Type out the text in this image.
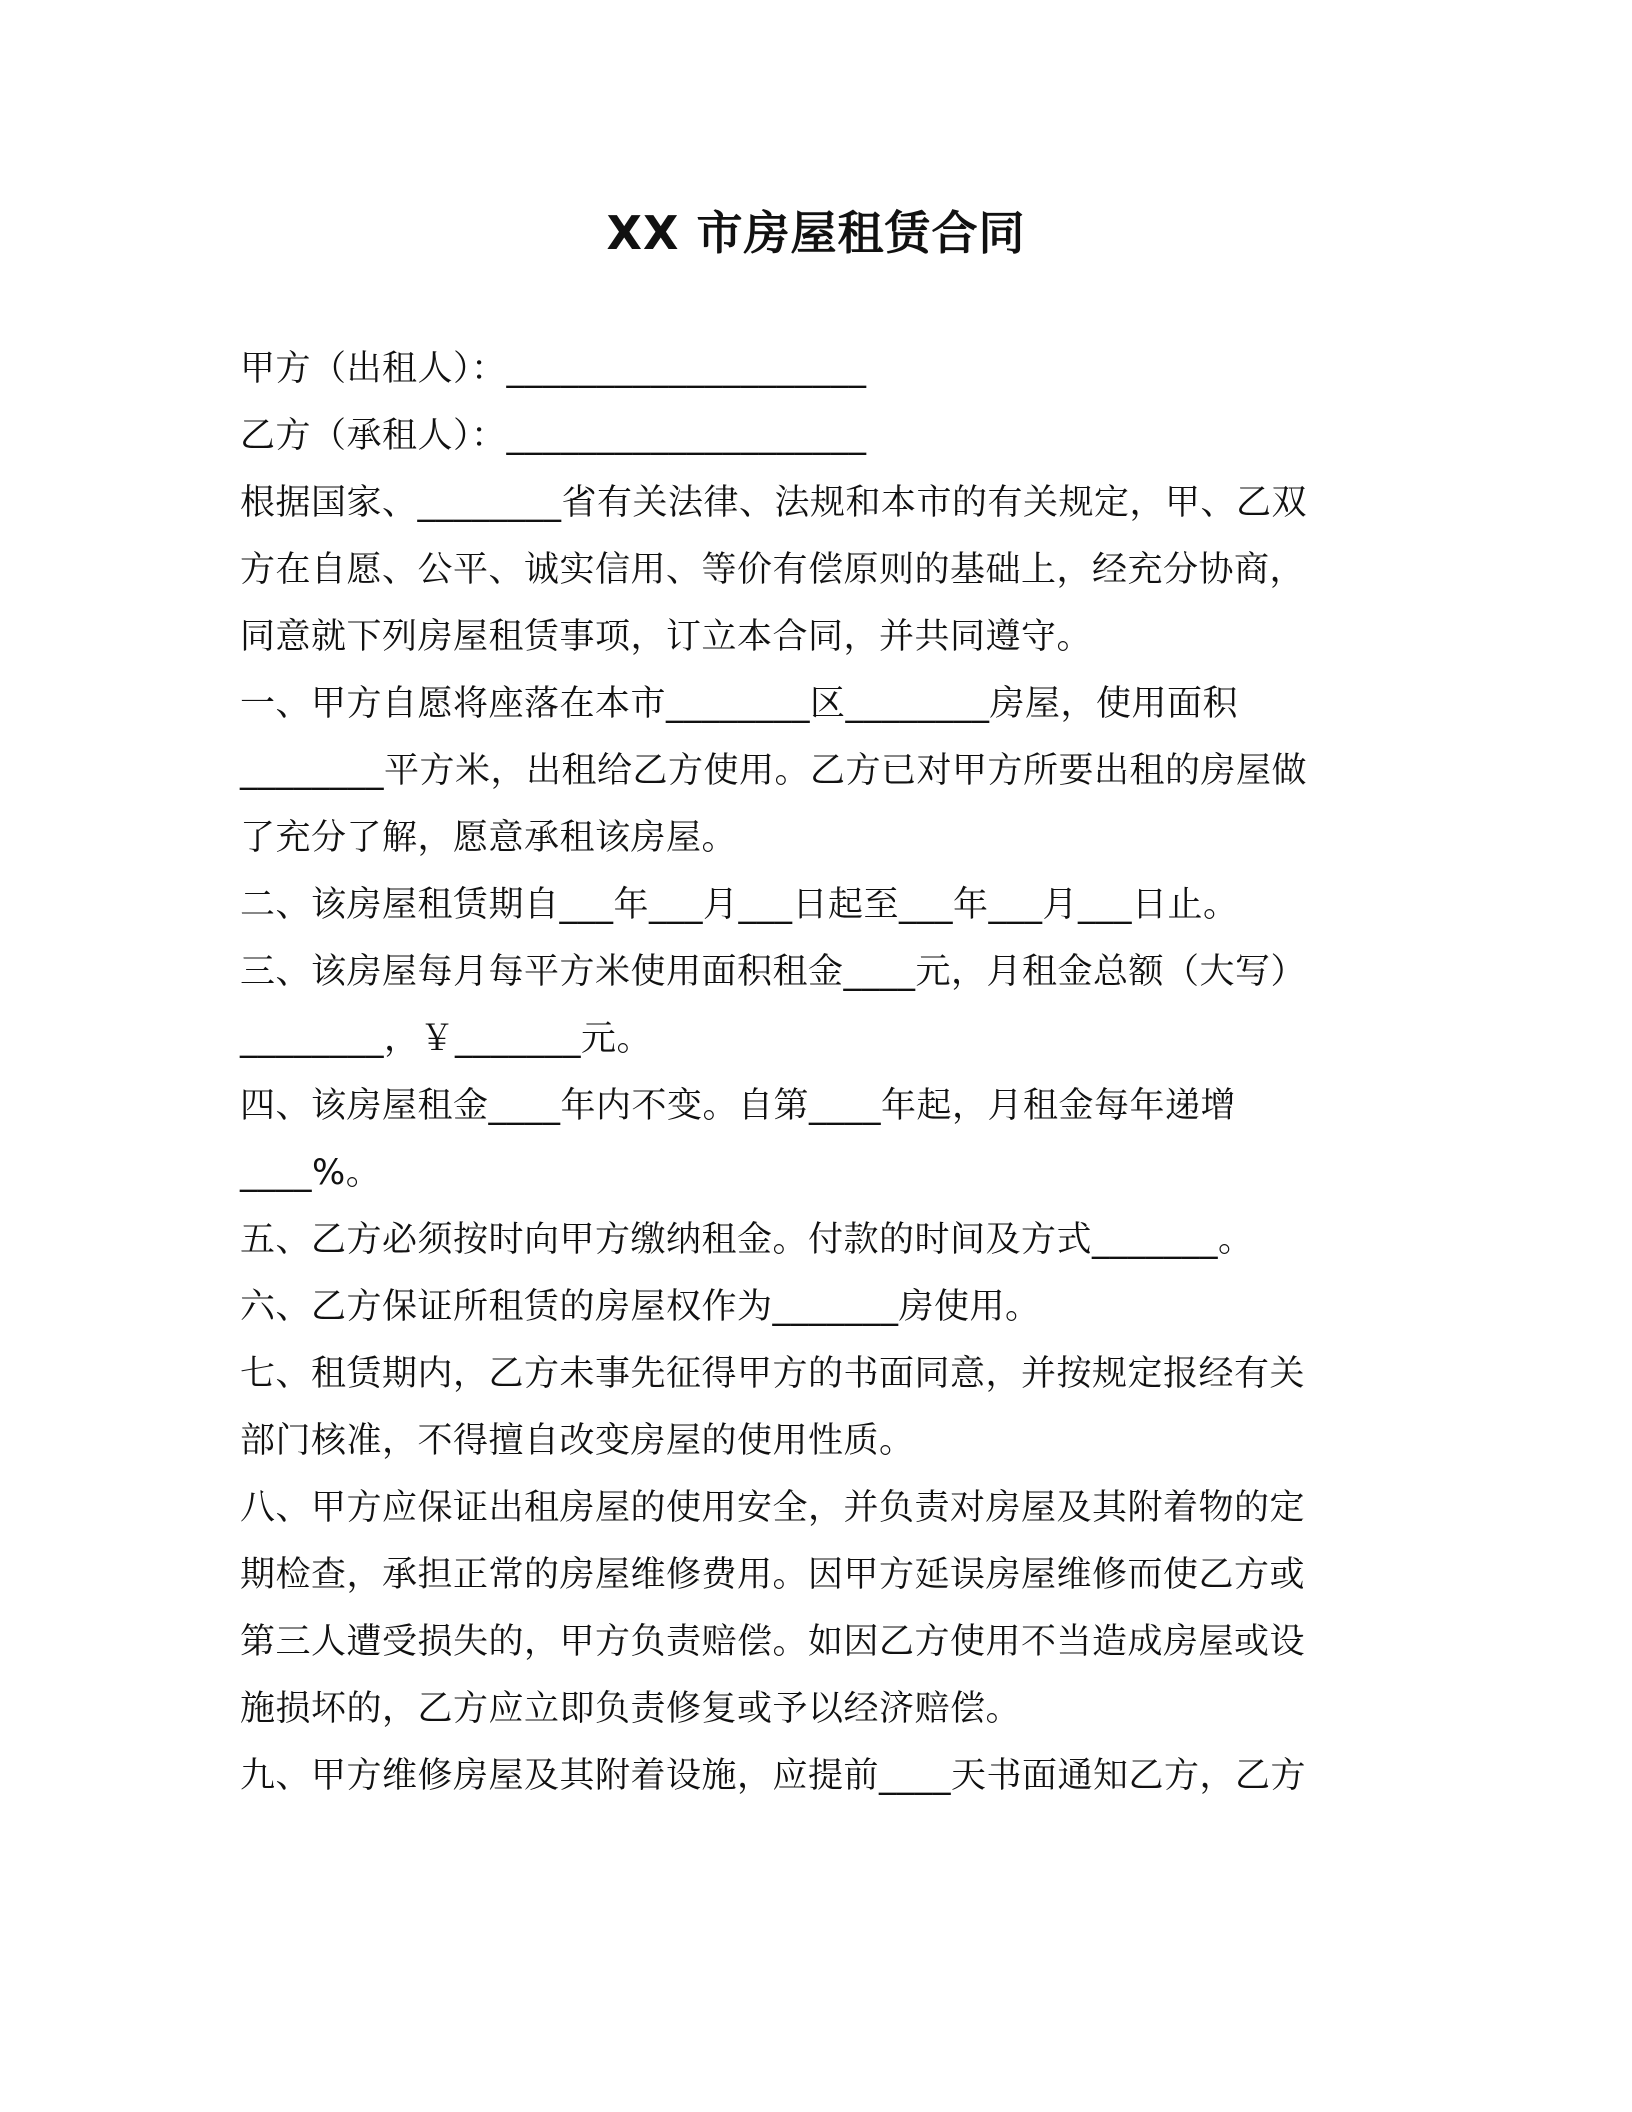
XX 市房屋租赁合同
甲方（出租人）：____________________
乙方（承租人）：____________________
根据国家、________省有关法律、法规和本市的有关规定，甲、乙双
方在自愿、公平、诚实信用、等价有偿原则的基础上，经充分协商，
同意就下列房屋租赁事项，订立本合同，并共同遵守。
一、甲方自愿将座落在本市________区________房屋，使用面积
________平方米，出租给乙方使用。乙方已对甲方所要出租的房屋做
了充分了解，愿意承租该房屋。
二、该房屋租赁期自___年___月___日起至___年___月___日止。
三、该房屋每月每平方米使用面积租金____元，月租金总额（大写）
________，￥_______元。
四、该房屋租金____年内不变。自第____年起，月租金每年递增
____%。
五、乙方必须按时向甲方缴纳租金。付款的时间及方式_______。
六、乙方保证所租赁的房屋权作为_______房使用。
七、租赁期内，乙方未事先征得甲方的书面同意，并按规定报经有关
部门核准，不得擅自改变房屋的使用性质。
八、甲方应保证出租房屋的使用安全，并负责对房屋及其附着物的定
期检查，承担正常的房屋维修费用。因甲方延误房屋维修而使乙方或
第三人遭受损失的，甲方负责赔偿。如因乙方使用不当造成房屋或设
施损坏的，乙方应立即负责修复或予以经济赔偿。
九、甲方维修房屋及其附着设施，应提前____天书面通知乙方，乙方
